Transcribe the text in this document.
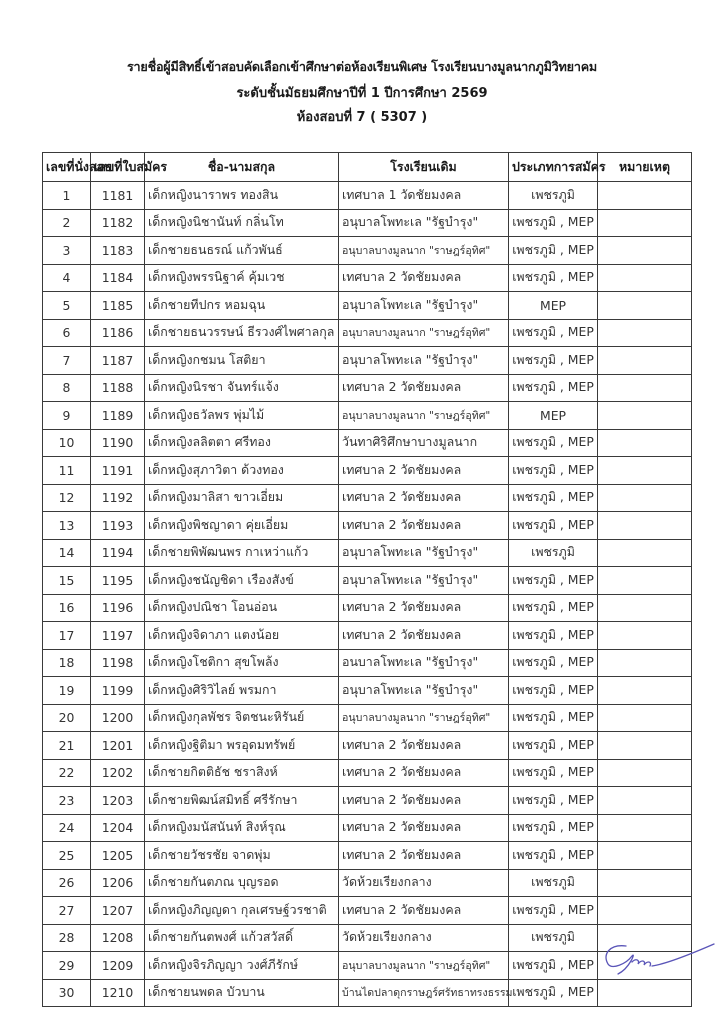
รายชื่อผู้มีสิทธิ์เข้าสอบคัดเลือกเข้าศึกษาต่อห้องเรียนพิเศษ โรงเรียนบางมูลนากภูมิวิทยาคม
ระดับชั้นมัธยมศึกษาปีที่ 1 ปีการศึกษา 2569
ห้องสอบที่ 7 ( 5307 )
เลขที่นั่งสอบ	เลขที่ใบสมัคร	ชื่อ-นามสกุล	โรงเรียนเดิม	ประเภทการสมัคร	หมายเหตุ
1	1181	เด็กหญิงนาราพร ทองสิน	เทศบาล 1 วัดชัยมงคล	เพชรภูมิ	
2	1182	เด็กหญิงนิชานันท์ กลิ่นโท	อนุบาลโพทะเล "รัฐบำรุง"	เพชรภูมิ , MEP	
3	1183	เด็กชายธนธรณ์ แก้วพันธ์	อนุบาลบางมูลนาก "ราษฎร์อุทิศ"	เพชรภูมิ , MEP	
4	1184	เด็กหญิงพรรนิฐาค์ คุ้มเวช	เทศบาล 2 วัดชัยมงคล	เพชรภูมิ , MEP	
5	1185	เด็กชายทีปกร หอมฉุน	อนุบาลโพทะเล "รัฐบำรุง"	MEP	
6	1186	เด็กชายธนวรรษน์ ธีรวงศ์ไพศาลกุล	อนุบาลบางมูลนาก "ราษฎร์อุทิศ"	เพชรภูมิ , MEP	
7	1187	เด็กหญิงกชมน โสติยา	อนุบาลโพทะเล "รัฐบำรุง"	เพชรภูมิ , MEP	
8	1188	เด็กหญิงนิรชา จันทร์แจ้ง	เทศบาล 2 วัดชัยมงคล	เพชรภูมิ , MEP	
9	1189	เด็กหญิงธวัลพร พุ่มไม้	อนุบาลบางมูลนาก "ราษฎร์อุทิศ"	MEP	
10	1190	เด็กหญิงลลิตตา ศรีทอง	วันทาศิริศึกษาบางมูลนาก	เพชรภูมิ , MEP	
11	1191	เด็กหญิงสุภาวิตา ด้วงทอง	เทศบาล 2 วัดชัยมงคล	เพชรภูมิ , MEP	
12	1192	เด็กหญิงมาลิสา ขาวเอี่ยม	เทศบาล 2 วัดชัยมงคล	เพชรภูมิ , MEP	
13	1193	เด็กหญิงพิชญาดา คุ่ยเอี่ยม	เทศบาล 2 วัดชัยมงคล	เพชรภูมิ , MEP	
14	1194	เด็กชายพิพัฒนพร กาเหว่าแก้ว	อนุบาลโพทะเล "รัฐบำรุง"	เพชรภูมิ	
15	1195	เด็กหญิงชนัญชิดา เรืองสังข์	อนุบาลโพทะเล "รัฐบำรุง"	เพชรภูมิ , MEP	
16	1196	เด็กหญิงปณิชา โอนอ่อน	เทศบาล 2 วัดชัยมงคล	เพชรภูมิ , MEP	
17	1197	เด็กหญิงจิดาภา แตงน้อย	เทศบาล 2 วัดชัยมงคล	เพชรภูมิ , MEP	
18	1198	เด็กหญิงโชติกา สุขโพล้ง	อนบาลโพทะเล "รัฐบำรุง"	เพชรภูมิ , MEP	
19	1199	เด็กหญิงศิริวิไลย์ พรมกา	อนุบาลโพทะเล "รัฐบำรุง"	เพชรภูมิ , MEP	
20	1200	เด็กหญิงกุลพัชร จิตชนะหิรันย์	อนุบาลบางมูลนาก "ราษฎร์อุทิศ"	เพชรภูมิ , MEP	
21	1201	เด็กหญิงฐิติมา พรอุดมทรัพย์	เทศบาล 2 วัดชัยมงคล	เพชรภูมิ , MEP	
22	1202	เด็กชายกิตติธัช ชราสิงห์	เทศบาล 2 วัดชัยมงคล	เพชรภูมิ , MEP	
23	1203	เด็กชายพิฒน์สมิทธิ์ ศรีรักษา	เทศบาล 2 วัดชัยมงคล	เพชรภูมิ , MEP	
24	1204	เด็กหญิงมนัสนันท์ สิงห์รุณ	เทศบาล 2 วัดชัยมงคล	เพชรภูมิ , MEP	
25	1205	เด็กชายวัชรชัย จาดพุ่ม	เทศบาล 2 วัดชัยมงคล	เพชรภูมิ , MEP	
26	1206	เด็กชายกันตภณ บุญรอด	วัดห้วยเรียงกลาง	เพชรภูมิ	
27	1207	เด็กหญิงภิญญดา กุลเศรษฐ์วรชาติ	เทศบาล 2 วัดชัยมงคล	เพชรภูมิ , MEP	
28	1208	เด็กชายกันตพงศ์ แก้วสวัสดิ์	วัดห้วยเรียงกลาง	เพชรภูมิ	
29	1209	เด็กหญิงจิรภิญญา วงศ์ภีรักษ์	อนุบาลบางมูลนาก "ราษฎร์อุทิศ"	เพชรภูมิ , MEP	
30	1210	เด็กชายนพดล บัวบาน	บ้านไดปลาดุกราษฎร์ศรัทธาทรงธรรม	เพชรภูมิ , MEP	
